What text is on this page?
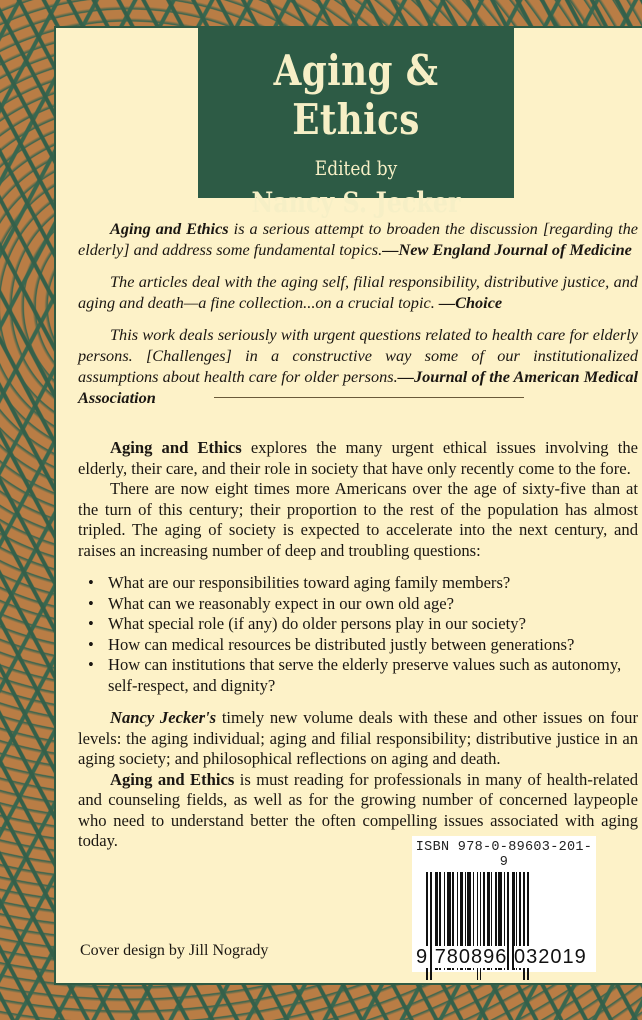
Aging & Ethics
Edited by
Nancy S. Jecker

Aging and Ethics is a serious attempt to broaden the discussion [regarding the elderly] and address some fundamental topics.—New England Journal of Medicine

The articles deal with the aging self, filial responsibility, distributive justice, and aging and death—a fine collection...on a crucial topic. —Choice

This work deals seriously with urgent questions related to health care for elderly persons. [Challenges] in a constructive way some of our institutionalized assumptions about health care for older persons.—Journal of the American Medical Association

Aging and Ethics explores the many urgent ethical issues involving the elderly, their care, and their role in society that have only recently come to the fore.

There are now eight times more Americans over the age of sixty-five than at the turn of this century; their proportion to the rest of the population has almost tripled. The aging of society is expected to accelerate into the next century, and raises an increasing number of deep and troubling questions:

• What are our responsibilities toward aging family members?
• What can we reasonably expect in our own old age?
• What special role (if any) do older persons play in our society?
• How can medical resources be distributed justly between generations?
• How can institutions that serve the elderly preserve values such as autonomy, self-respect, and dignity?

Nancy Jecker's timely new volume deals with these and other issues on four levels: the aging individual; aging and filial responsibility; distributive justice in an aging society; and philosophical reflections on aging and death.

Aging and Ethics is must reading for professionals in many of health-related and counseling fields, as well as for the growing number of concerned laypeople who need to understand better the often compelling issues associated with aging today.

Cover design by Jill Nogrady
ISBN 978-0-89603-201-9
9 780896 032019
